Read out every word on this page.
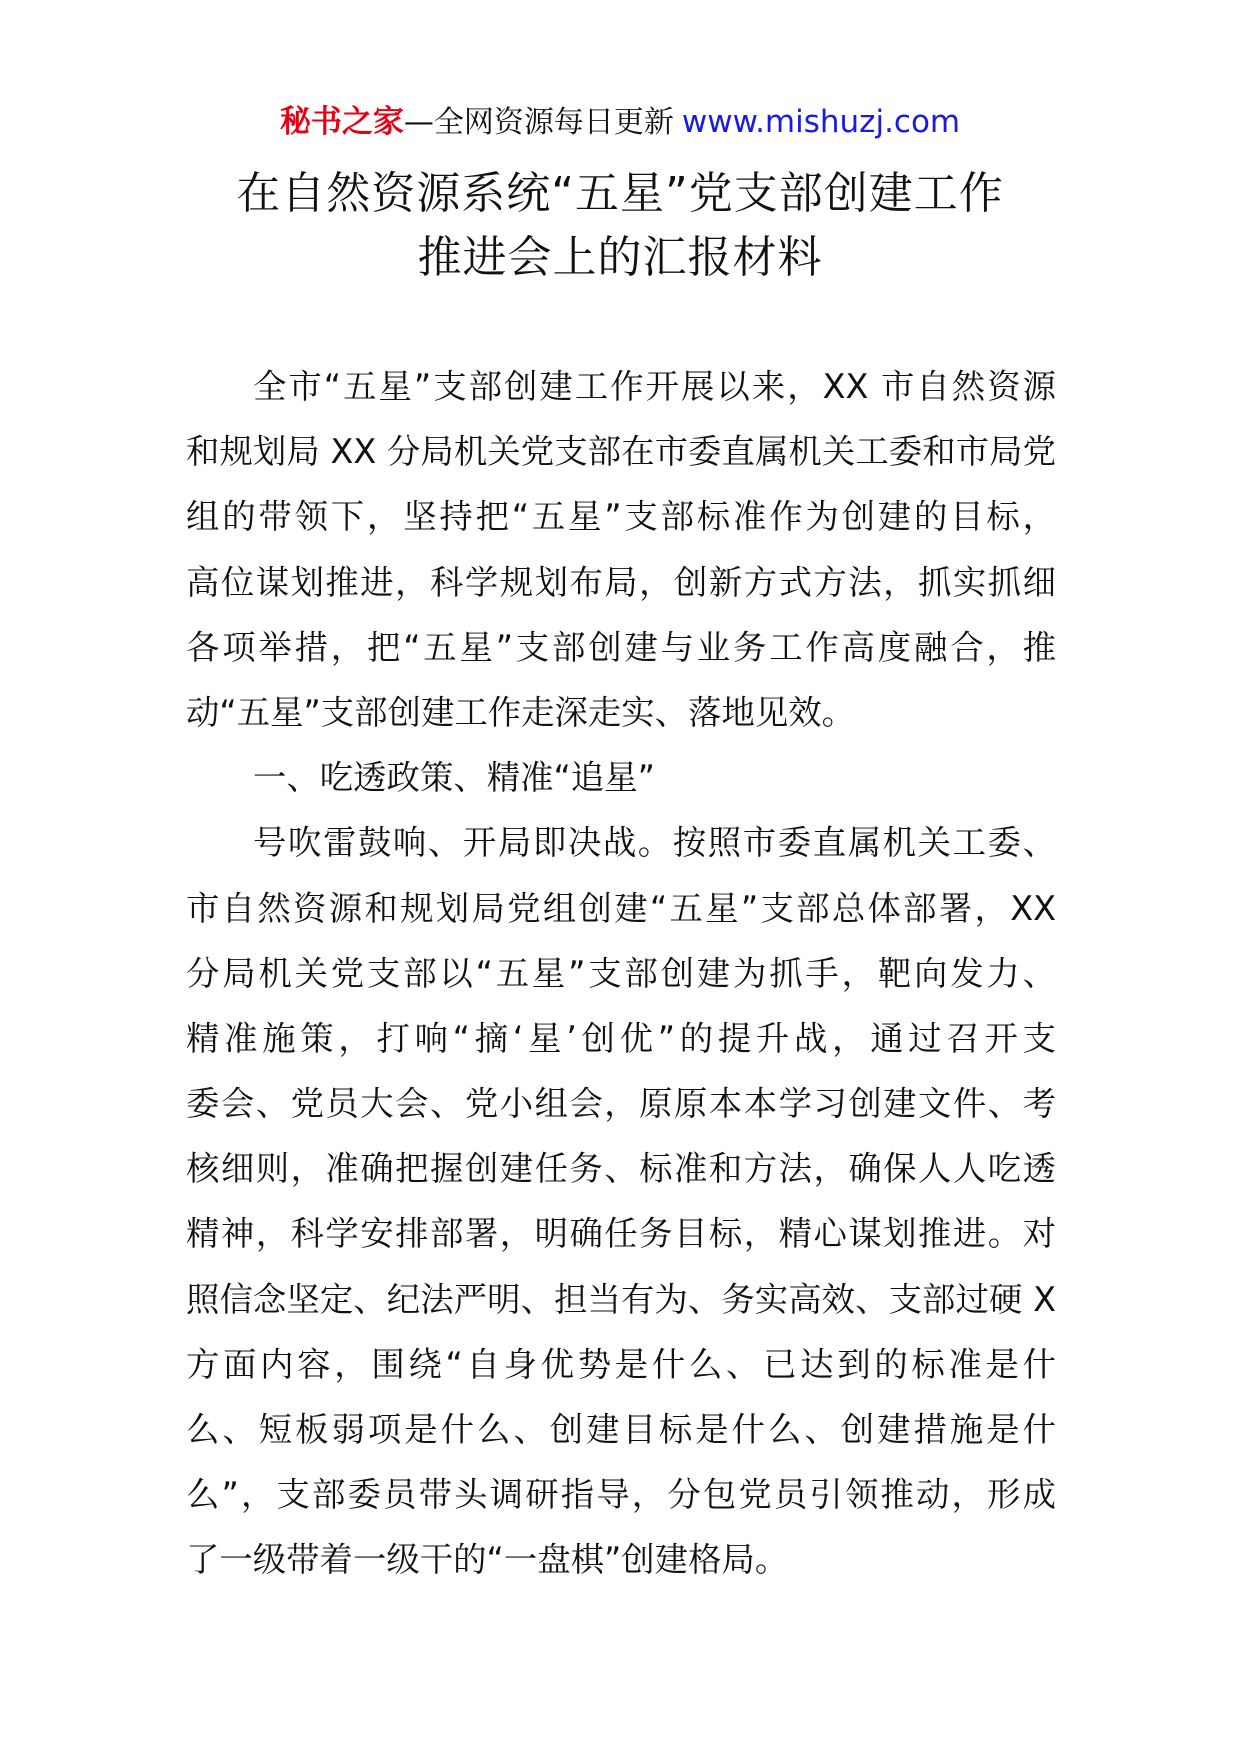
秘书之家—全网资源每日更新 www.mishuzj.com
在自然资源系统“五星”党支部创建工作
推进会上的汇报材料
全市“五星”支部创建工作开展以来，XX 市自然资源
和规划局 XX 分局机关党支部在市委直属机关工委和市局党
组的带领下，坚持把“五星”支部标准作为创建的目标，
高位谋划推进，科学规划布局，创新方式方法，抓实抓细
各项举措，把“五星”支部创建与业务工作高度融合，推
动“五星”支部创建工作走深走实、落地见效。
一、吃透政策、精准“追星”
号吹雷鼓响、开局即决战。按照市委直属机关工委、
市自然资源和规划局党组创建“五星”支部总体部署，XX
分局机关党支部以“五星”支部创建为抓手，靶向发力、
精准施策，打响“摘‘星’创优”的提升战，通过召开支
委会、党员大会、党小组会，原原本本学习创建文件、考
核细则，准确把握创建任务、标准和方法，确保人人吃透
精神，科学安排部署，明确任务目标，精心谋划推进。对
照信念坚定、纪法严明、担当有为、务实高效、支部过硬 X
方面内容，围绕“自身优势是什么、已达到的标准是什
么、短板弱项是什么、创建目标是什么、创建措施是什
么”，支部委员带头调研指导，分包党员引领推动，形成
了一级带着一级干的“一盘棋”创建格局。
